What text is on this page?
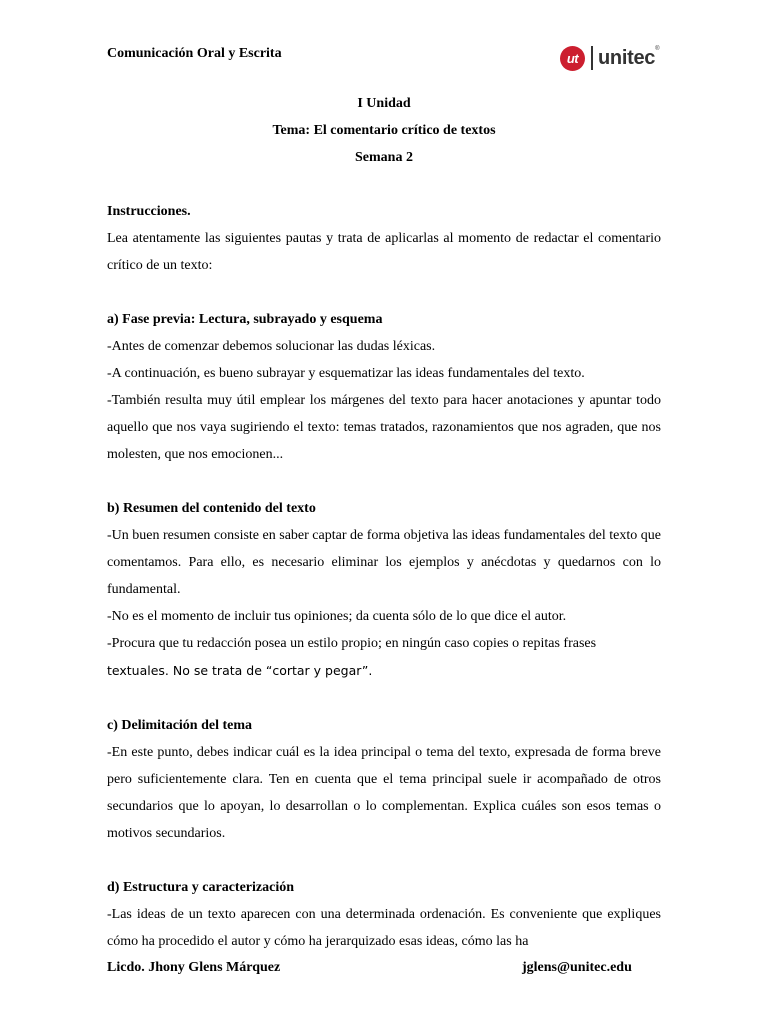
Comunicación Oral y Escrita	ut unitec ®

I Unidad

Tema: El comentario crítico de textos

Semana 2

Instrucciones.

Lea atentamente las siguientes pautas y trata de aplicarlas al momento de redactar el comentario crítico de un texto:

a) Fase previa: Lectura, subrayado y esquema

-Antes de comenzar debemos solucionar las dudas léxicas.

-A continuación, es bueno subrayar y esquematizar las ideas fundamentales del texto.

-También resulta muy útil emplear los márgenes del texto para hacer anotaciones y apuntar todo aquello que nos vaya sugiriendo el texto: temas tratados, razonamientos que nos agraden, que nos molesten, que nos emocionen...

b) Resumen del contenido del texto

-Un buen resumen consiste en saber captar de forma objetiva las ideas fundamentales del texto que comentamos. Para ello, es necesario eliminar los ejemplos y anécdotas y quedarnos con lo fundamental.

-No es el momento de incluir tus opiniones; da cuenta sólo de lo que dice el autor.

-Procura que tu redacción posea un estilo propio; en ningún caso copies o repitas frases
textuales. No se trata de “cortar y pegar”.

c) Delimitación del tema

-En este punto, debes indicar cuál es la idea principal o tema del texto, expresada de forma breve pero suficientemente clara. Ten en cuenta que el tema principal suele ir acompañado de otros secundarios que lo apoyan, lo desarrollan o lo complementan. Explica cuáles son esos temas o motivos secundarios.

d) Estructura y caracterización

-Las ideas de un texto aparecen con una determinada ordenación. Es conveniente que expliques cómo ha procedido el autor y cómo ha jerarquizado esas ideas, cómo las ha

Licdo. Jhony Glens Márquez	jglens@unitec.edu
